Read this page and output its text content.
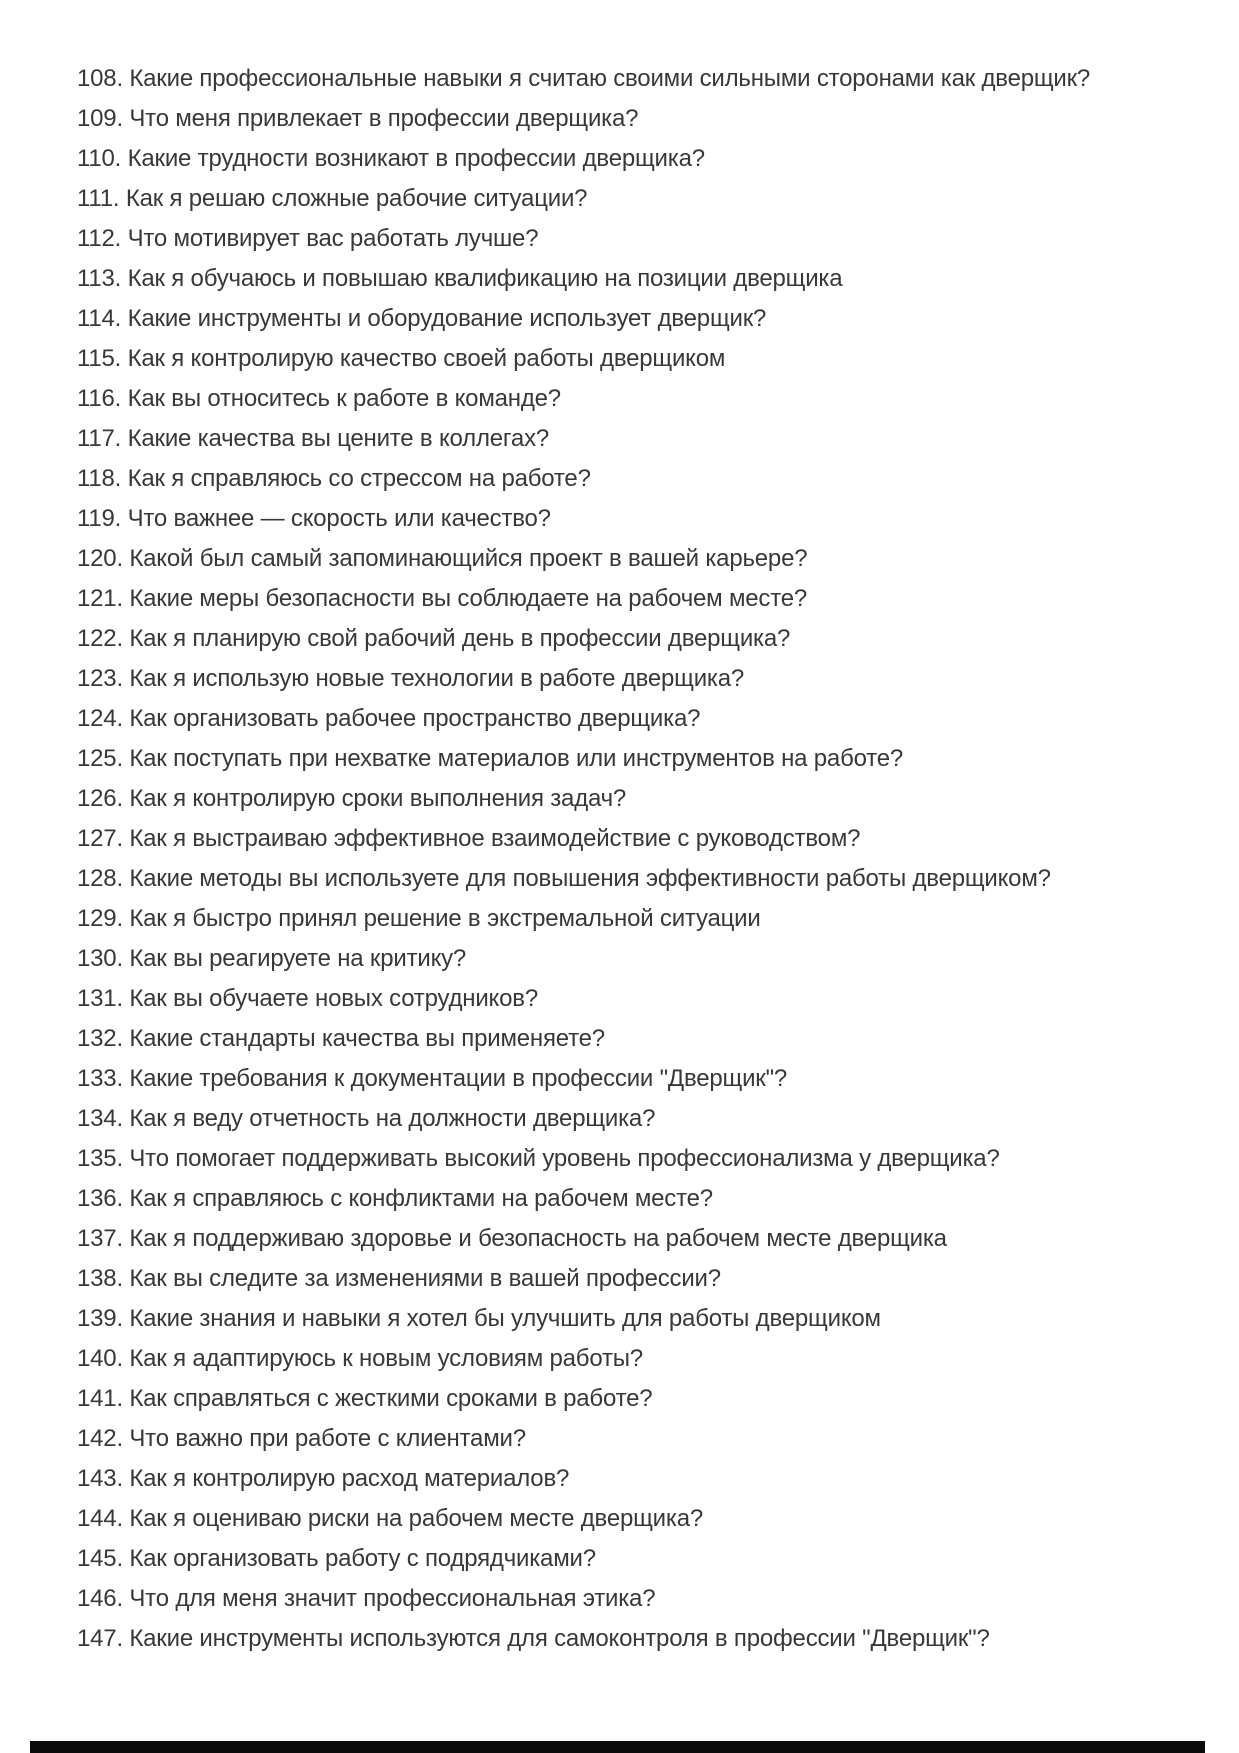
108. Какие профессиональные навыки я считаю своими сильными сторонами как дверщик?
109. Что меня привлекает в профессии дверщика?
110. Какие трудности возникают в профессии дверщика?
111. Как я решаю сложные рабочие ситуации?
112. Что мотивирует вас работать лучше?
113. Как я обучаюсь и повышаю квалификацию на позиции дверщика
114. Какие инструменты и оборудование использует дверщик?
115. Как я контролирую качество своей работы дверщиком
116. Как вы относитесь к работе в команде?
117. Какие качества вы цените в коллегах?
118. Как я справляюсь со стрессом на работе?
119. Что важнее — скорость или качество?
120. Какой был самый запоминающийся проект в вашей карьере?
121. Какие меры безопасности вы соблюдаете на рабочем месте?
122. Как я планирую свой рабочий день в профессии дверщика?
123. Как я использую новые технологии в работе дверщика?
124. Как организовать рабочее пространство дверщика?
125. Как поступать при нехватке материалов или инструментов на работе?
126. Как я контролирую сроки выполнения задач?
127. Как я выстраиваю эффективное взаимодействие с руководством?
128. Какие методы вы используете для повышения эффективности работы дверщиком?
129. Как я быстро принял решение в экстремальной ситуации
130. Как вы реагируете на критику?
131. Как вы обучаете новых сотрудников?
132. Какие стандарты качества вы применяете?
133. Какие требования к документации в профессии "Дверщик"?
134. Как я веду отчетность на должности дверщика?
135. Что помогает поддерживать высокий уровень профессионализма у дверщика?
136. Как я справляюсь с конфликтами на рабочем месте?
137. Как я поддерживаю здоровье и безопасность на рабочем месте дверщика
138. Как вы следите за изменениями в вашей профессии?
139. Какие знания и навыки я хотел бы улучшить для работы дверщиком
140. Как я адаптируюсь к новым условиям работы?
141. Как справляться с жесткими сроками в работе?
142. Что важно при работе с клиентами?
143. Как я контролирую расход материалов?
144. Как я оцениваю риски на рабочем месте дверщика?
145. Как организовать работу с подрядчиками?
146. Что для меня значит профессиональная этика?
147. Какие инструменты используются для самоконтроля в профессии "Дверщик"?
